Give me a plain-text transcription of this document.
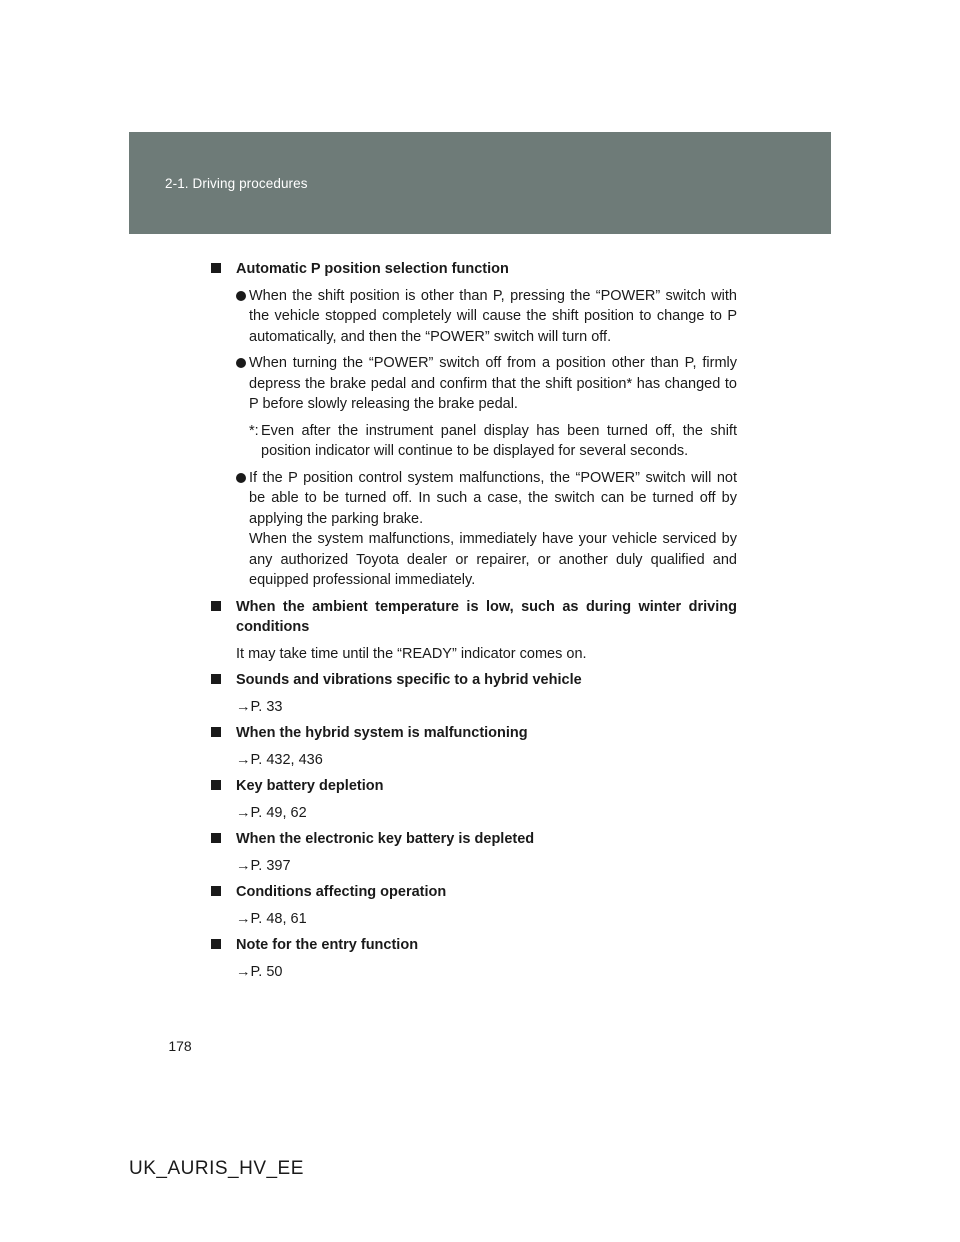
2-1. Driving procedures
Automatic P position selection function
When the shift position is other than P, pressing the “POWER” switch with the vehicle stopped completely will cause the shift position to change to P automatically, and then the “POWER” switch will turn off.
When turning the “POWER” switch off from a position other than P, firmly depress the brake pedal and confirm that the shift position* has changed to P before slowly releasing the brake pedal.
*: Even after the instrument panel display has been turned off, the shift position indicator will continue to be displayed for several seconds.
If the P position control system malfunctions, the “POWER” switch will not be able to be turned off. In such a case, the switch can be turned off by applying the parking brake.
When the system malfunctions, immediately have your vehicle serviced by any authorized Toyota dealer or repairer, or another duly qualified and equipped professional immediately.
When the ambient temperature is low, such as during winter driving conditions
It may take time until the “READY” indicator comes on.
Sounds and vibrations specific to a hybrid vehicle
→P. 33
When the hybrid system is malfunctioning
→P. 432, 436
Key battery depletion
→P. 49, 62
When the electronic key battery is depleted
→P. 397
Conditions affecting operation
→P. 48, 61
Note for the entry function
→P. 50
178
UK_AURIS_HV_EE
